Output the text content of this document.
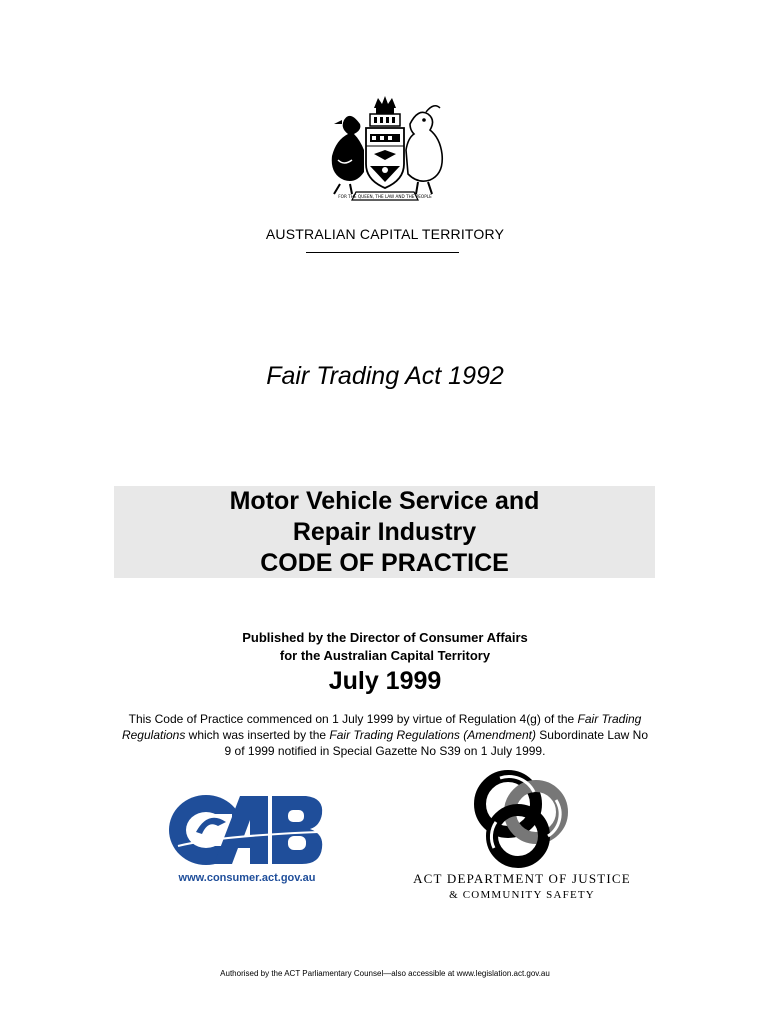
FOR THE QUEEN, THE LAW AND THE PEOPLE
AUSTRALIAN CAPITAL TERRITORY
Fair Trading Act 1992
Motor Vehicle Service and
Repair Industry
CODE OF PRACTICE
Published by the Director of Consumer Affairs
for the Australian Capital Territory
July 1999
This Code of Practice commenced on 1 July 1999 by virtue of Regulation 4(g) of the Fair Trading Regulations which was inserted by the Fair Trading Regulations (Amendment) Subordinate Law No 9 of 1999 notified in Special Gazette No S39 on 1 July 1999.
www.consumer.act.gov.au	ACT DEPARTMENT OF JUSTICE
& COMMUNITY SAFETY
Authorised by the ACT Parliamentary Counsel—also accessible at www.legislation.act.gov.au
